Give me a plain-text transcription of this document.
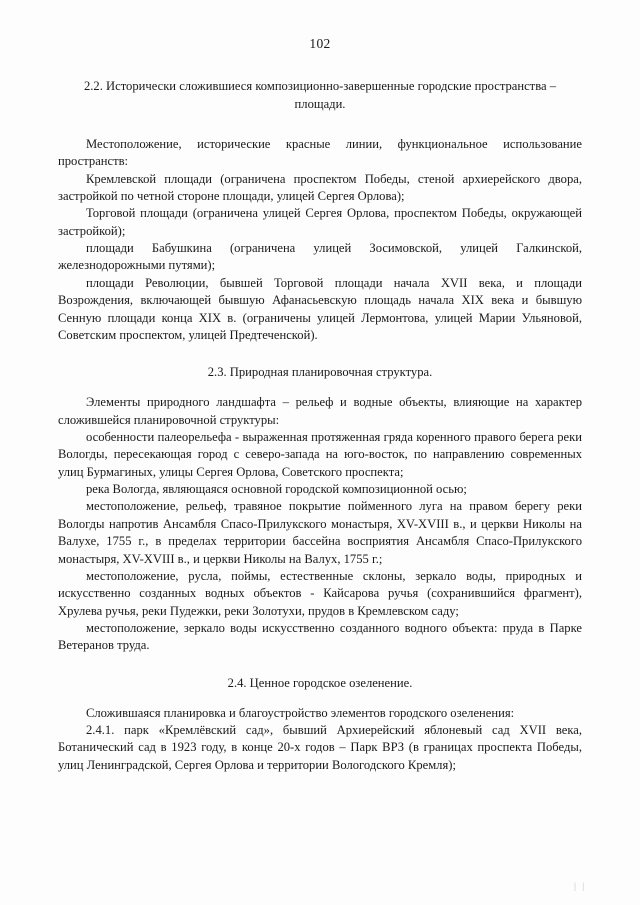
102
2.2. Исторически сложившиеся композиционно-завершенные городские пространства – площади.

Местоположение, исторические красные линии, функциональное использование пространств:

Кремлевской площади (ограничена проспектом Победы, стеной архиерейского двора, застройкой по четной стороне площади, улицей Сергея Орлова);

Торговой площади (ограничена улицей Сергея Орлова, проспектом Победы, окружающей застройкой);

площади Бабушкина (ограничена улицей Зосимовской, улицей Галкинской, железнодорожными путями);

площади Революции, бывшей Торговой площади начала XVII века, и площади Возрождения, включающей бывшую Афанасьевскую площадь начала XIX века и бывшую Сенную площади конца XIX в. (ограничены улицей Лермонтова, улицей Марии Ульяновой, Советским проспектом, улицей Предтеченской).

2.3. Природная планировочная структура.

Элементы природного ландшафта – рельеф и водные объекты, влияющие на характер сложившейся планировочной структуры:

особенности палеорельефа - выраженная протяженная гряда коренного правого берега реки Вологды, пересекающая город с северо-запада на юго-восток, по направлению современных улиц Бурмагиных, улицы Сергея Орлова, Советского проспекта;

река Вологда, являющаяся основной городской композиционной осью;

местоположение, рельеф, травяное покрытие пойменного луга на правом берегу реки Вологды напротив Ансамбля Спасо-Прилукского монастыря, XV-XVIII в., и церкви Николы на Валухе, 1755 г., в пределах территории бассейна восприятия Ансамбля Спасо-Прилукского монастыря, XV-XVIII в., и церкви Николы на Валух, 1755 г.;

местоположение, русла, поймы, естественные склоны, зеркало воды, природных и искусственно созданных водных объектов - Кайсарова ручья (сохранившийся фрагмент), Хрулева ручья, реки Пудежки, реки Золотухи, прудов в Кремлевском саду;

местоположение, зеркало воды искусственно созданного водного объекта: пруда в Парке Ветеранов труда.

2.4. Ценное городское озеленение.

Сложившаяся планировка и благоустройство элементов городского озеленения:

2.4.1. парк «Кремлёвский сад», бывший Архиерейский яблоневый сад XVII века, Ботанический сад в 1923 году, в конце 20-х годов – Парк ВРЗ (в границах проспекта Победы, улиц Ленинградской, Сергея Орлова и территории Вологодского Кремля);

| |
